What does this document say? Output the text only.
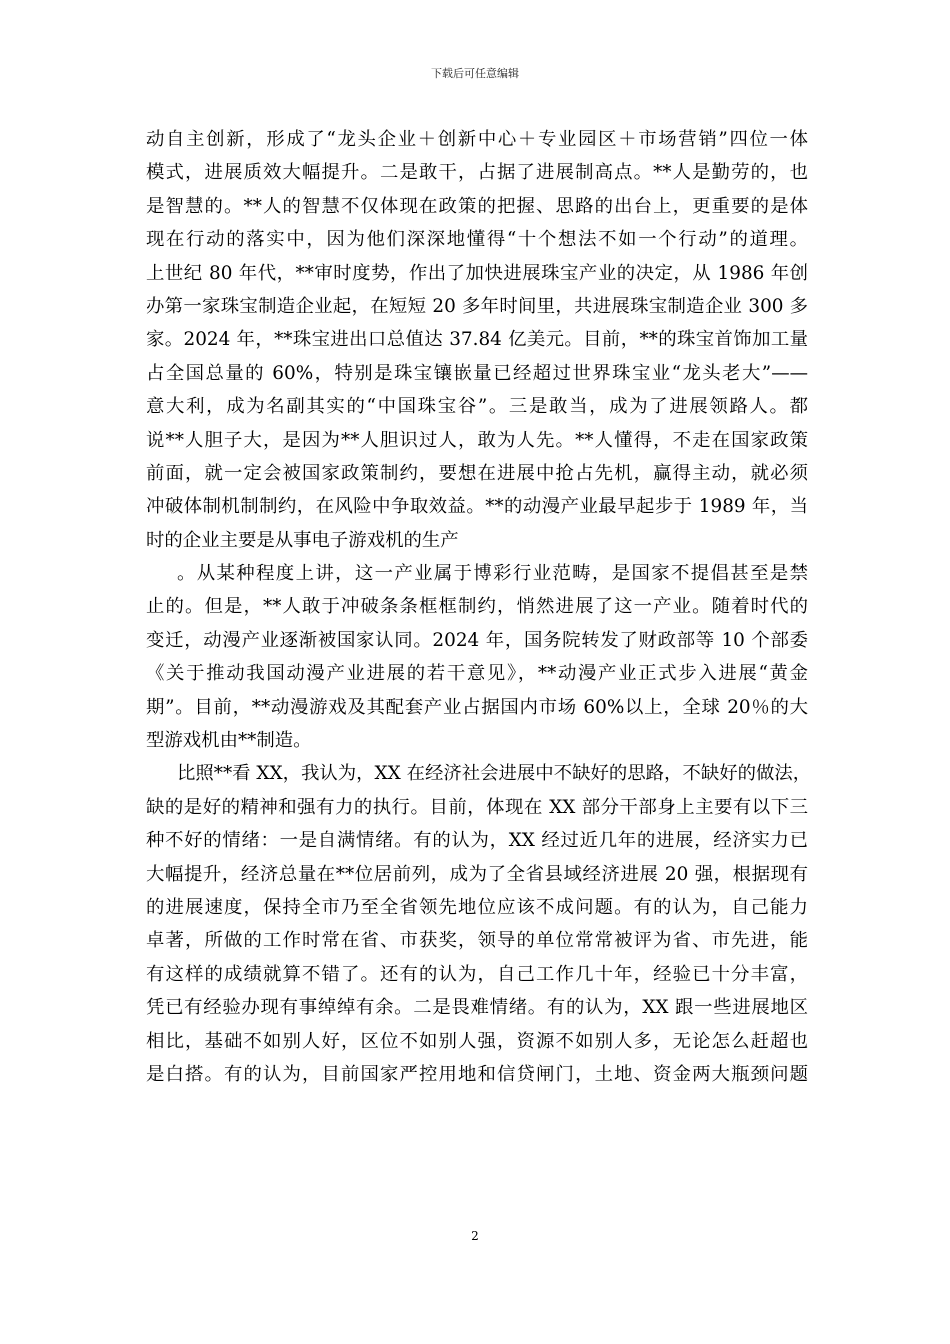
下载后可任意编辑
动自主创新，形成了“龙头企业＋创新中心＋专业园区＋市场营销”四位一体
模式，进展质效大幅提升。二是敢干，占据了进展制高点。**人是勤劳的，也
是智慧的。**人的智慧不仅体现在政策的把握、思路的出台上，更重要的是体
现在行动的落实中，因为他们深深地懂得“十个想法不如一个行动”的道理。
上世纪 80 年代，**审时度势，作出了加快进展珠宝产业的决定，从 1986 年创
办第一家珠宝制造企业起，在短短 20 多年时间里，共进展珠宝制造企业 300 多
家。2024 年，**珠宝进出口总值达 37.84 亿美元。目前，**的珠宝首饰加工量
占全国总量的 60%，特别是珠宝镶嵌量已经超过世界珠宝业“龙头老大”——
意大利，成为名副其实的“中国珠宝谷”。三是敢当，成为了进展领路人。都
说**人胆子大，是因为**人胆识过人，敢为人先。**人懂得，不走在国家政策
前面，就一定会被国家政策制约，要想在进展中抢占先机，赢得主动，就必须
冲破体制机制制约，在风险中争取效益。**的动漫产业最早起步于 1989 年，当
时的企业主要是从事电子游戏机的生产
。从某种程度上讲，这一产业属于博彩行业范畴，是国家不提倡甚至是禁
止的。但是，**人敢于冲破条条框框制约，悄然进展了这一产业。随着时代的
变迁，动漫产业逐渐被国家认同。2024 年，国务院转发了财政部等 10 个部委
《关于推动我国动漫产业进展的若干意见》，**动漫产业正式步入进展“黄金
期”。目前，**动漫游戏及其配套产业占据国内市场 60%以上，全球 20％的大
型游戏机由**制造。
比照**看 XX，我认为，XX 在经济社会进展中不缺好的思路，不缺好的做法，
缺的是好的精神和强有力的执行。目前，体现在 XX 部分干部身上主要有以下三
种不好的情绪：一是自满情绪。有的认为，XX 经过近几年的进展，经济实力已
大幅提升，经济总量在**位居前列，成为了全省县域经济进展 20 强，根据现有
的进展速度，保持全市乃至全省领先地位应该不成问题。有的认为，自己能力
卓著，所做的工作时常在省、市获奖，领导的单位常常被评为省、市先进，能
有这样的成绩就算不错了。还有的认为，自己工作几十年，经验已十分丰富，
凭已有经验办现有事绰绰有余。二是畏难情绪。有的认为，XX 跟一些进展地区
相比，基础不如别人好，区位不如别人强，资源不如别人多，无论怎么赶超也
是白搭。有的认为，目前国家严控用地和信贷闸门，土地、资金两大瓶颈问题
2
